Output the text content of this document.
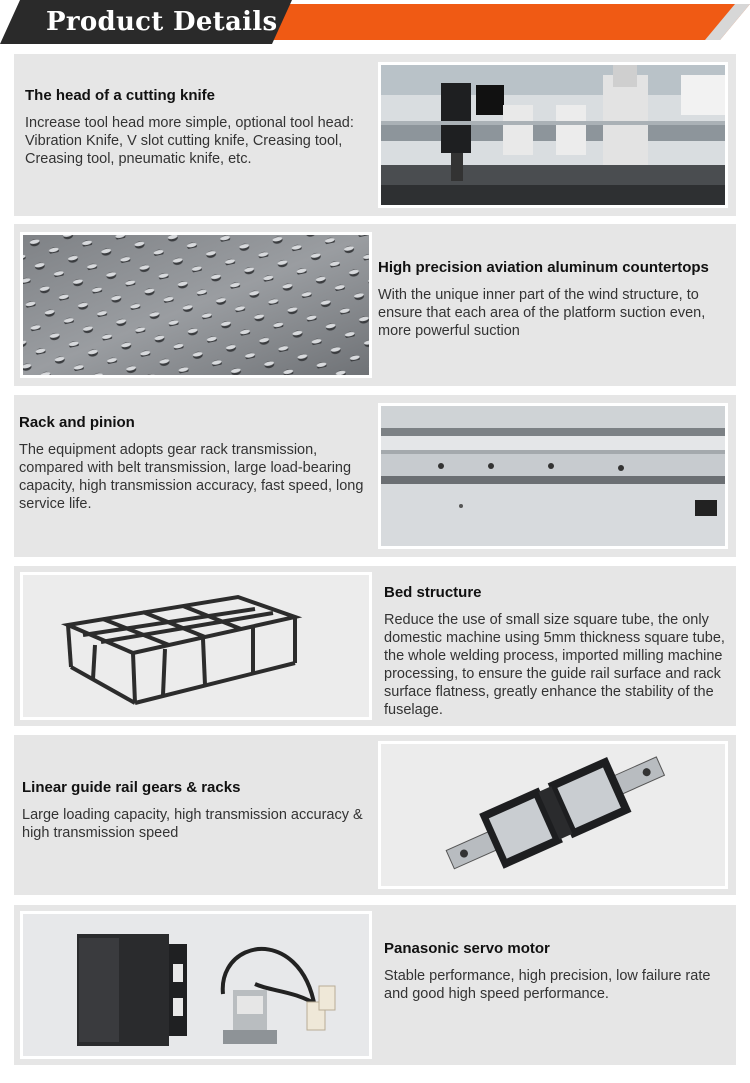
Product Details
The head of a cutting knife

Increase tool head more simple, optional tool head: Vibration Knife, V slot cutting knife, Creasing tool, Creasing tool, pneumatic knife, etc.

High precision aviation aluminum countertops

With the unique inner part of the wind structure, to ensure that each area of the platform suction even, more powerful suction

Rack and pinion

The equipment adopts gear rack transmission, compared with belt transmission, large load-bearing capacity, high transmission accuracy, fast speed, long service life.

Bed structure

Reduce the use of small size square tube, the only domestic machine using 5mm thickness square tube, the whole welding process, imported milling machine processing, to ensure the guide rail surface and rack surface flatness, greatly enhance the stability of the fuselage.

Linear guide rail gears & racks

Large loading capacity, high transmission accuracy & high transmission speed

Panasonic servo motor

Stable performance, high precision, low failure rate and good high speed performance.
